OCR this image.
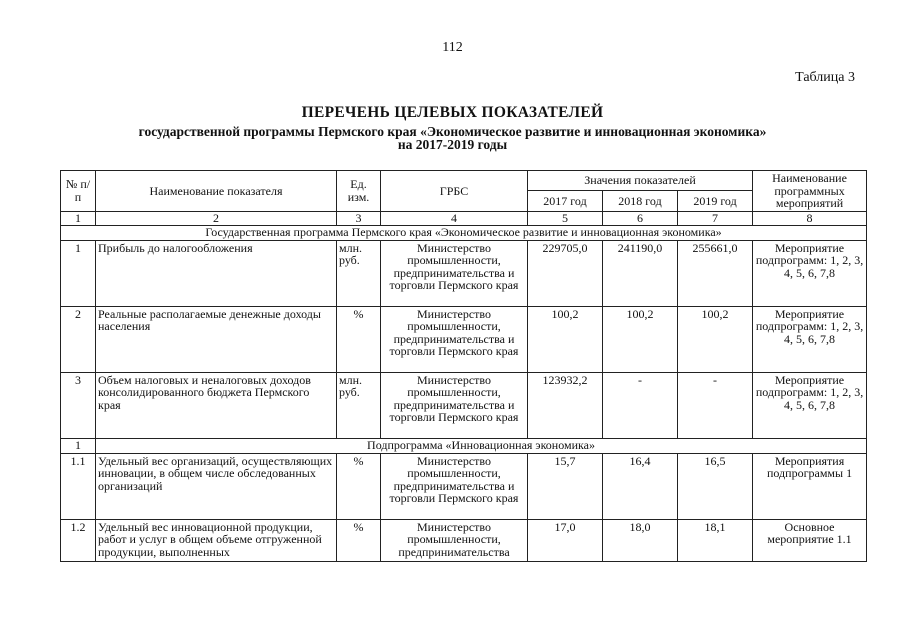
112
Таблица 3
ПЕРЕЧЕНЬ ЦЕЛЕВЫХ ПОКАЗАТЕЛЕЙ
государственной программы Пермского края «Экономическое развитие и инновационная экономика»
на 2017-2019 годы
№ п/п	Наименование показателя	Ед. изм.	ГРБС	Значения показателей			Наименование программных мероприятий
				2017 год	2018 год	2019 год	
1	2	3	4	5	6	7	8
Государственная программа Пермского края «Экономическое развитие и инновационная экономика»							
1	Прибыль до налогообложения	млн. руб.	Министерство промышленности, предпринимательства и торговли Пермского края	229705,0	241190,0	255661,0	Мероприятие подпрограмм: 1, 2, 3, 4, 5, 6, 7,8
2	Реальные располагаемые денежные доходы населения	%	Министерство промышленности, предпринимательства и торговли Пермского края	100,2	100,2	100,2	Мероприятие подпрограмм: 1, 2, 3, 4, 5, 6, 7,8
3	Объем налоговых и неналоговых доходов консолидированного бюджета Пермского края	млн. руб.	Министерство промышленности, предпринимательства и торговли Пермского края	123932,2	-	-	Мероприятие подпрограмм: 1, 2, 3, 4, 5, 6, 7,8
1	Подпрограмма «Инновационная экономика»						
1.1	Удельный вес организаций, осуществляющих инновации, в общем числе обследованных организаций	%	Министерство промышленности, предпринимательства и торговли Пермского края	15,7	16,4	16,5	Мероприятия подпрограммы 1
1.2	Удельный вес инновационной продукции, работ и услуг в общем объеме отгруженной продукции, выполненных	%	Министерство промышленности, предпринимательства	17,0	18,0	18,1	Основное мероприятие 1.1
